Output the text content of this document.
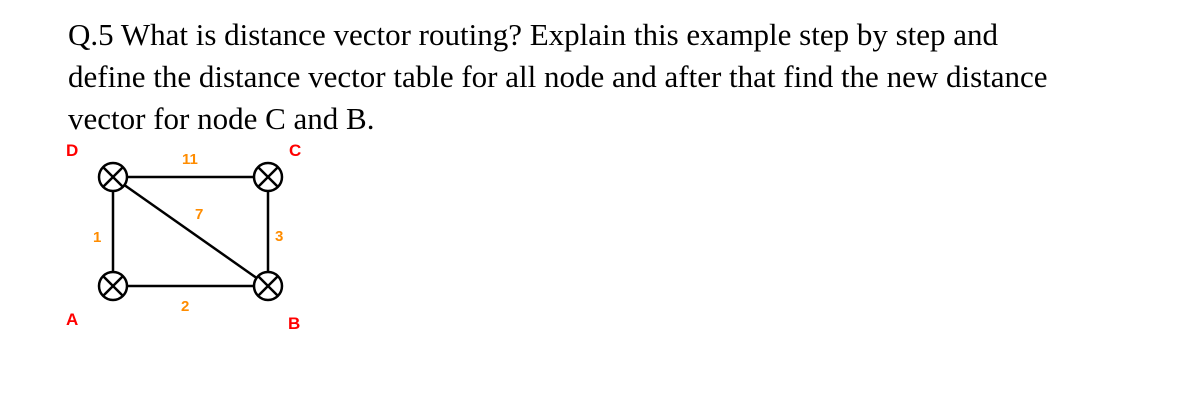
Q.5 What is distance vector routing? Explain this example step by step and
define the distance vector table for all node and after that find the new distance
vector for node C and B.
D	C
A	B
11
7
1	3
2
